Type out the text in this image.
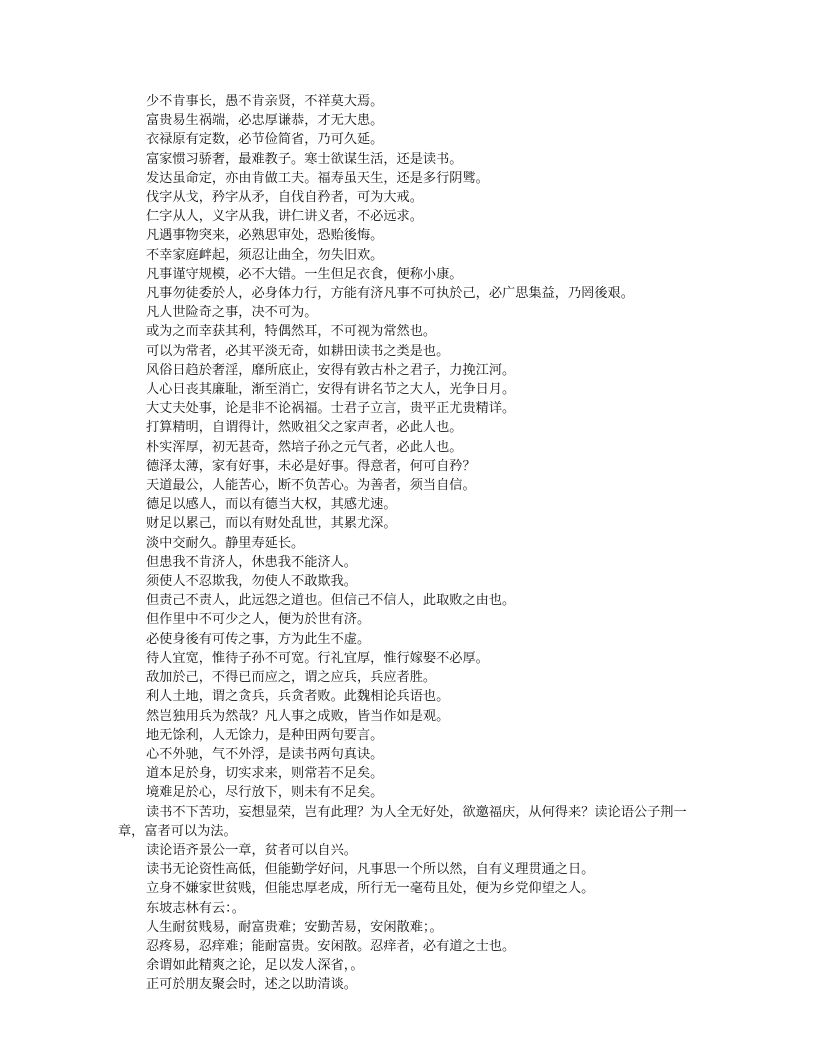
少不肯事长，愚不肯亲贤，不祥莫大焉。

富贵易生祸端，必忠厚谦恭，才无大患。

衣禄原有定数，必节俭简省，乃可久延。

富家惯习骄奢，最难教子。寒士欲谋生活，还是读书。

发达虽命定，亦由肯做工夫。福寿虽天生，还是多行阴骘。

伐字从戈，矜字从矛，自伐自矜者，可为大戒。

仁字从人，义字从我，讲仁讲义者，不必远求。

凡遇事物突来，必熟思审处，恐贻後悔。

不幸家庭衅起，须忍让曲全，勿失旧欢。

凡事谨守规模，必不大错。一生但足衣食，便称小康。

凡事勿徒委於人，必身体力行，方能有济凡事不可执於己，必广思集益，乃罔後艰。

凡人世险奇之事，决不可为。

或为之而幸获其利，特偶然耳，不可视为常然也。

可以为常者，必其平淡无奇，如耕田读书之类是也。

风俗日趋於奢淫，靡所底止，安得有敦古朴之君子，力挽江河。

人心日丧其廉耻，渐至消亡，安得有讲名节之大人，光争日月。

大丈夫处事，论是非不论祸福。士君子立言，贵平正尤贵精详。

打算精明，自谓得计，然败祖父之家声者，必此人也。

朴实浑厚，初无甚奇，然培子孙之元气者，必此人也。

德泽太薄，家有好事，未必是好事。得意者，何可自矜？

天道最公，人能苦心，断不负苦心。为善者，须当自信。

德足以感人，而以有德当大权，其感尤速。

财足以累己，而以有财处乱世，其累尤深。

淡中交耐久。静里寿延长。

但患我不肯济人，休患我不能济人。

须使人不忍欺我，勿使人不敢欺我。

但责己不责人，此远怨之道也。但信己不信人，此取败之由也。

但作里中不可少之人，便为於世有济。

必使身後有可传之事，方为此生不虚。

待人宜宽，惟待子孙不可宽。行礼宜厚，惟行嫁娶不必厚。

敌加於己，不得已而应之，谓之应兵，兵应者胜。

利人土地，谓之贪兵，兵贪者败。此魏相论兵语也。

然岂独用兵为然哉？凡人事之成败，皆当作如是观。

地无馀利，人无馀力，是种田两句要言。

心不外驰，气不外浮，是读书两句真诀。

道本足於身，切实求来，则常若不足矣。

境难足於心，尽行放下，则未有不足矣。

读书不下苦功，妄想显荣，岂有此理？为人全无好处，欲邀福庆，从何得来？读论语公子荆一章，富者可以为法。

读论语齐景公一章，贫者可以自兴。

读书无论资性高低，但能勤学好问，凡事思一个所以然，自有义理贯通之日。

立身不嫌家世贫贱，但能忠厚老成，所行无一毫苟且处，便为乡党仰望之人。

东坡志林有云：。

人生耐贫贱易，耐富贵难；安勤苦易，安闲散难；。

忍疼易，忍痒难；能耐富贵。安闲散。忍痒者，必有道之士也。

余谓如此精爽之论，足以发人深省，。

正可於朋友聚会时，述之以助清谈。
